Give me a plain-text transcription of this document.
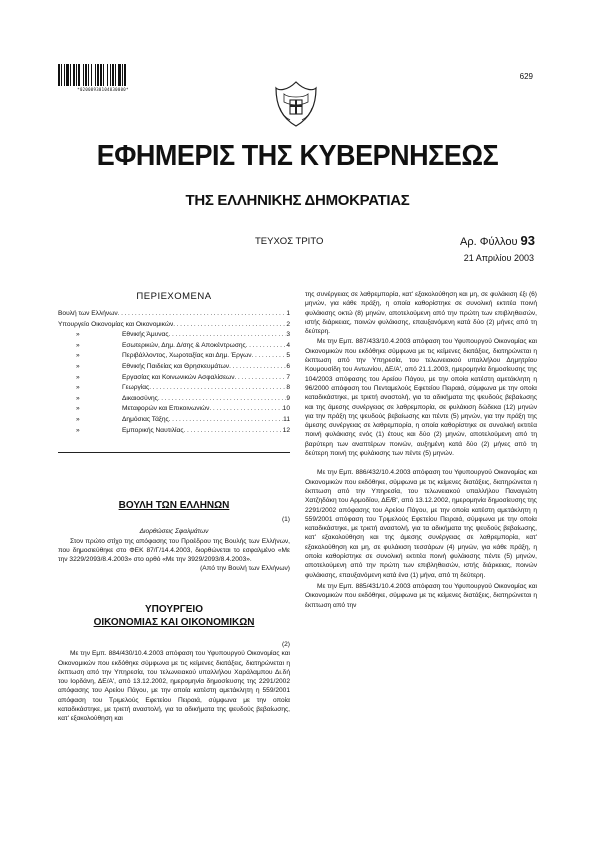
*02000930104030000*
629
ΕΦΗΜΕΡΙΣ ΤΗΣ ΚΥΒΕΡΝΗΣΕΩΣ
ΤΗΣ ΕΛΛΗΝΙΚΗΣ ΔΗΜΟΚΡΑΤΙΑΣ
ΤΕΥΧΟΣ ΤΡΙΤΟ	Αρ. Φύλλου 93
21 Απριλίου 2003
ΠΕΡΙΕΧΟΜΕΝΑ
Βουλή των Ελλήνων .....	1
Υπουργείο Οικονομίας και Οικονομικών .....	2
»	Εθνικής Άμυνας .....	3
»	Εσωτερικών, Δημ. Δ/σης & Αποκέντρωσης .....	4
»	Περιβάλλοντος, Χωροταξίας και Δημ. Έργων .....	5
»	Εθνικής Παιδείας και Θρησκευμάτων .....	6
»	Εργασίας και Κοινωνικών Ασφαλίσεων .....	7
»	Γεωργίας .....	8
»	Δικαιοσύνης .....	9
»	Μεταφορών και Επικοινωνιών .....	10
»	Δημόσιας Τάξης .....	11
»	Εμπορικής Ναυτιλίας .....	12
ΒΟΥΛΗ ΤΩΝ ΕΛΛΗΝΩΝ
(1)
Διορθώσεις Σφαλμάτων
Στον πρώτο στίχο της απόφασης του Προέδρου της Βουλής των Ελλήνων, που δημοσιεύθηκε στο ΦΕΚ 87/Γ/14.4.2003, διορθώνεται το εσφαλμένο «Με την 3229/2093/8.4.2003» στο ορθό «Με την 3929/2093/8.4.2003».
(Από την Βουλή των Ελλήνων)
ΥΠΟΥΡΓΕΙΟ
ΟΙΚΟΝΟΜΙΑΣ ΚΑΙ ΟΙΚΟΝΟΜΙΚΩΝ
(2)
Με την Εμπ. 884/430/10.4.2003 απόφαση του Υφυπουργού Οικονομίας και Οικονομικών που εκδόθηκε σύμφωνα με τις κείμενες διατάξεις, διατηρώνεται η έκπτωση από την Υπηρεσία, του τελωνειακού υπαλλήλου Χαράλαμπου Δι.δή του Ιορδάνη, ΔΕ/Α', από 13.12.2002, ημερομηνία δημοσίευσης της 2291/2002 απόφασης του Αρείου Πάγου, με την οποία κατέστη αμετάκλητη η 559/2001 απόφαση του Τριμελούς Εφετείου Πειραιά, σύμφωνα με την οποία καταδικάστηκε, με τριετή αναστολή, για τα αδικήματα της ψευδούς βεβαίωσης, κατ' εξακολούθηση και
της συνέργειας σε λαθρεμπορία, κατ' εξακολούθηση και μη, σε φυλάκιση έξι (6) μηνών, για κάθε πράξη, η οποία καθορίστηκε σε συνολική εκτιτέα ποινή φυλάκισης οκτώ (8) μηνών, αποτελούμενη από την πρώτη των επιβληθεισών, ιστής διάρκειας, ποινών φυλάκισης, επαυξανόμενη κατά δύο (2) μήνες από τη δεύτερη.
Με την Εμπ. 887/433/10.4.2003 απόφαση του Υφυπουργού Οικονομίας και Οικονομικών που εκδόθηκε σύμφωνα με τις κείμενες διατάξεις, διατηρώνεται η έκπτωση από την Υπηρεσία, του τελωνειακού υπαλλήλου Δημητρίου Κουμουσίδη του Αντωνίου, ΔΕ/Α', από 21.1.2003, ημερομηνία δημοσίευσης της 104/2003 απόφασης του Αρείου Πάγου, με την οποία κατέστη αμετάκλητη η 96/2000 απόφαση του Πενταμελούς Εφετείου Πειραιά, σύμφωνα με την οποία καταδικάστηκε, με τριετή αναστολή, για τα αδικήματα της ψευδούς βεβαίωσης και της άμεσης συνέργειας σε λαθρεμπορία, σε φυλάκιση δώδεκα (12) μηνών για την πράξη της ψευδούς βεβαίωσης και πέντε (5) μηνών, για την πράξη της άμεσης συνέργειας σε λαθρεμπορία, η οποία καθορίστηκε σε συνολική εκτιτέα ποινή φυλάκισης ενός (1) έτους και δύο (2) μηνών, αποτελούμενη από τη βαρύτερη των αναπτέρων ποινών, αυξημένη κατά δύο (2) μήνες από τη δεύτερη ποινή της φυλάκισης των πέντε (5) μηνών.
Με την Εμπ. 886/432/10.4.2003 απόφαση του Υφυπουργού Οικονομίας και Οικονομικών που εκδόθηκε, σύμφωνα με τις κείμενες διατάξεις, διατηρώνεται η έκπτωση από την Υπηρεσία, του τελωνειακού υπαλλήλου Παναγιώτη Χατζηδάκη του Αρμοδίου, ΔΕ/Β', από 13.12.2002, ημερομηνία δημοσίευσης της 2291/2002 απόφασης του Αρείου Πάγου, με την οποία κατέστη αμετάκλητη η 559/2001 απόφαση του Τριμελούς Εφετείου Πειραιά, σύμφωνα με την οποία καταδικάστηκε, με τριετή αναστολή, για τα αδικήματα της ψευδούς βεβαίωσης, κατ' εξακολούθηση και της άμεσης συνέργειας σε λαθρεμπορία, κατ' εξακολούθηση και μη, σε φυλάκιση τεσσάρων (4) μηνών, για κάθε πράξη, η οποία καθορίστηκε σε συνολική εκτιτέα ποινή φυλάκισης πέντε (5) μηνών, αποτελούμενη από την πρώτη των επιβληθεισών, ιστής διάρκειας, ποινών φυλάκισης, επαυξανόμενη κατά ένα (1) μήνα, από τη δεύτερη.
Με την Εμπ. 885/431/10.4.2003 απόφαση του Υφυπουργού Οικονομίας και Οικονομικών που εκδόθηκε, σύμφωνα με τις κείμενες διατάξεις, διατηρώνεται η έκπτωση από την
